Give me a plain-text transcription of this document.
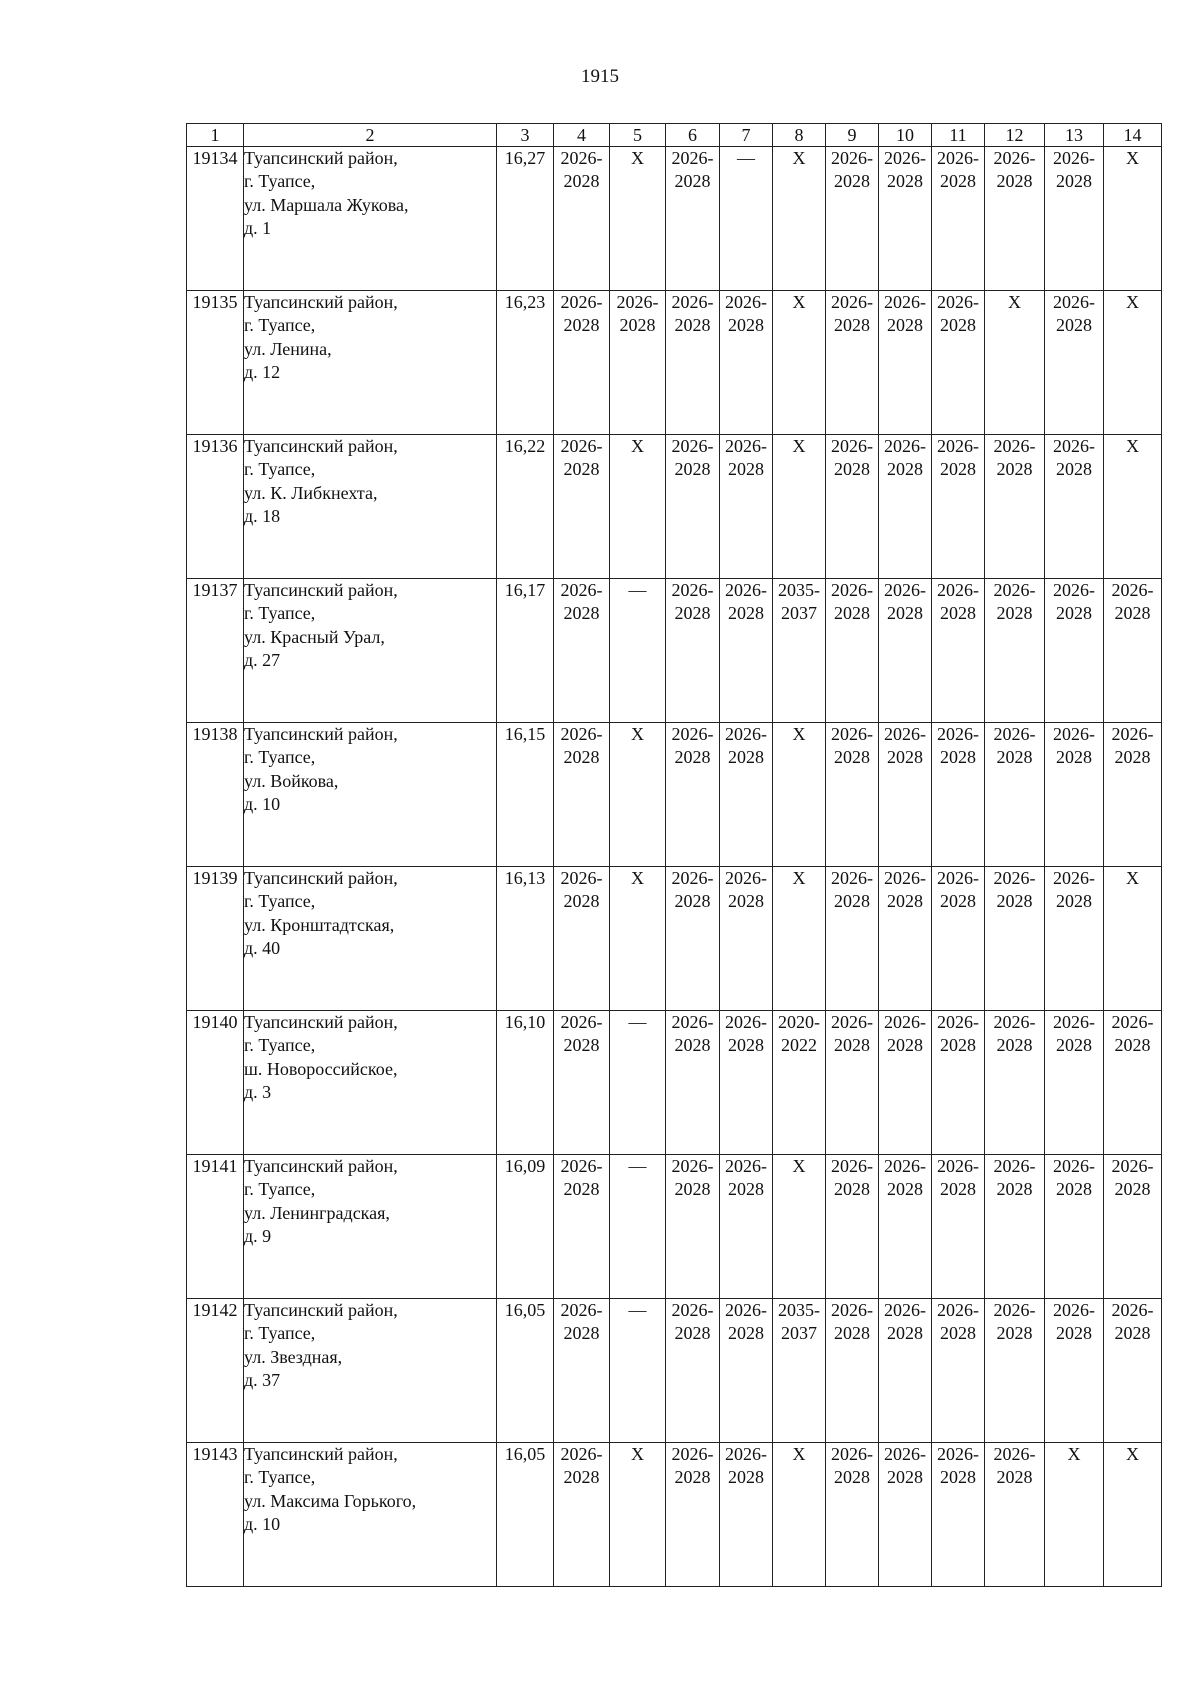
1915
1	2	3	4	5	6	7	8	9	10	11	12	13	14
19134	Туапсинский район,
г. Туапсе,
ул. Маршала Жукова,
д. 1	16,27	2026-
2028	Х	2026-
2028	—	Х	2026-
2028	2026-
2028	2026-
2028	2026-
2028	2026-
2028	Х
19135	Туапсинский район,
г. Туапсе,
ул. Ленина,
д. 12	16,23	2026-
2028	2026-
2028	2026-
2028	2026-
2028	Х	2026-
2028	2026-
2028	2026-
2028	Х	2026-
2028	Х
19136	Туапсинский район,
г. Туапсе,
ул. К. Либкнехта,
д. 18	16,22	2026-
2028	Х	2026-
2028	2026-
2028	Х	2026-
2028	2026-
2028	2026-
2028	2026-
2028	2026-
2028	Х
19137	Туапсинский район,
г. Туапсе,
ул. Красный Урал,
д. 27	16,17	2026-
2028	—	2026-
2028	2026-
2028	2035-
2037	2026-
2028	2026-
2028	2026-
2028	2026-
2028	2026-
2028	2026-
2028
19138	Туапсинский район,
г. Туапсе,
ул. Войкова,
д. 10	16,15	2026-
2028	Х	2026-
2028	2026-
2028	Х	2026-
2028	2026-
2028	2026-
2028	2026-
2028	2026-
2028	2026-
2028
19139	Туапсинский район,
г. Туапсе,
ул. Кронштадтская,
д. 40	16,13	2026-
2028	Х	2026-
2028	2026-
2028	Х	2026-
2028	2026-
2028	2026-
2028	2026-
2028	2026-
2028	Х
19140	Туапсинский район,
г. Туапсе,
ш. Новороссийское,
д. 3	16,10	2026-
2028	—	2026-
2028	2026-
2028	2020-
2022	2026-
2028	2026-
2028	2026-
2028	2026-
2028	2026-
2028	2026-
2028
19141	Туапсинский район,
г. Туапсе,
ул. Ленинградская,
д. 9	16,09	2026-
2028	—	2026-
2028	2026-
2028	Х	2026-
2028	2026-
2028	2026-
2028	2026-
2028	2026-
2028	2026-
2028
19142	Туапсинский район,
г. Туапсе,
ул. Звездная,
д. 37	16,05	2026-
2028	—	2026-
2028	2026-
2028	2035-
2037	2026-
2028	2026-
2028	2026-
2028	2026-
2028	2026-
2028	2026-
2028
19143	Туапсинский район,
г. Туапсе,
ул. Максима Горького,
д. 10	16,05	2026-
2028	Х	2026-
2028	2026-
2028	Х	2026-
2028	2026-
2028	2026-
2028	2026-
2028	Х	Х
